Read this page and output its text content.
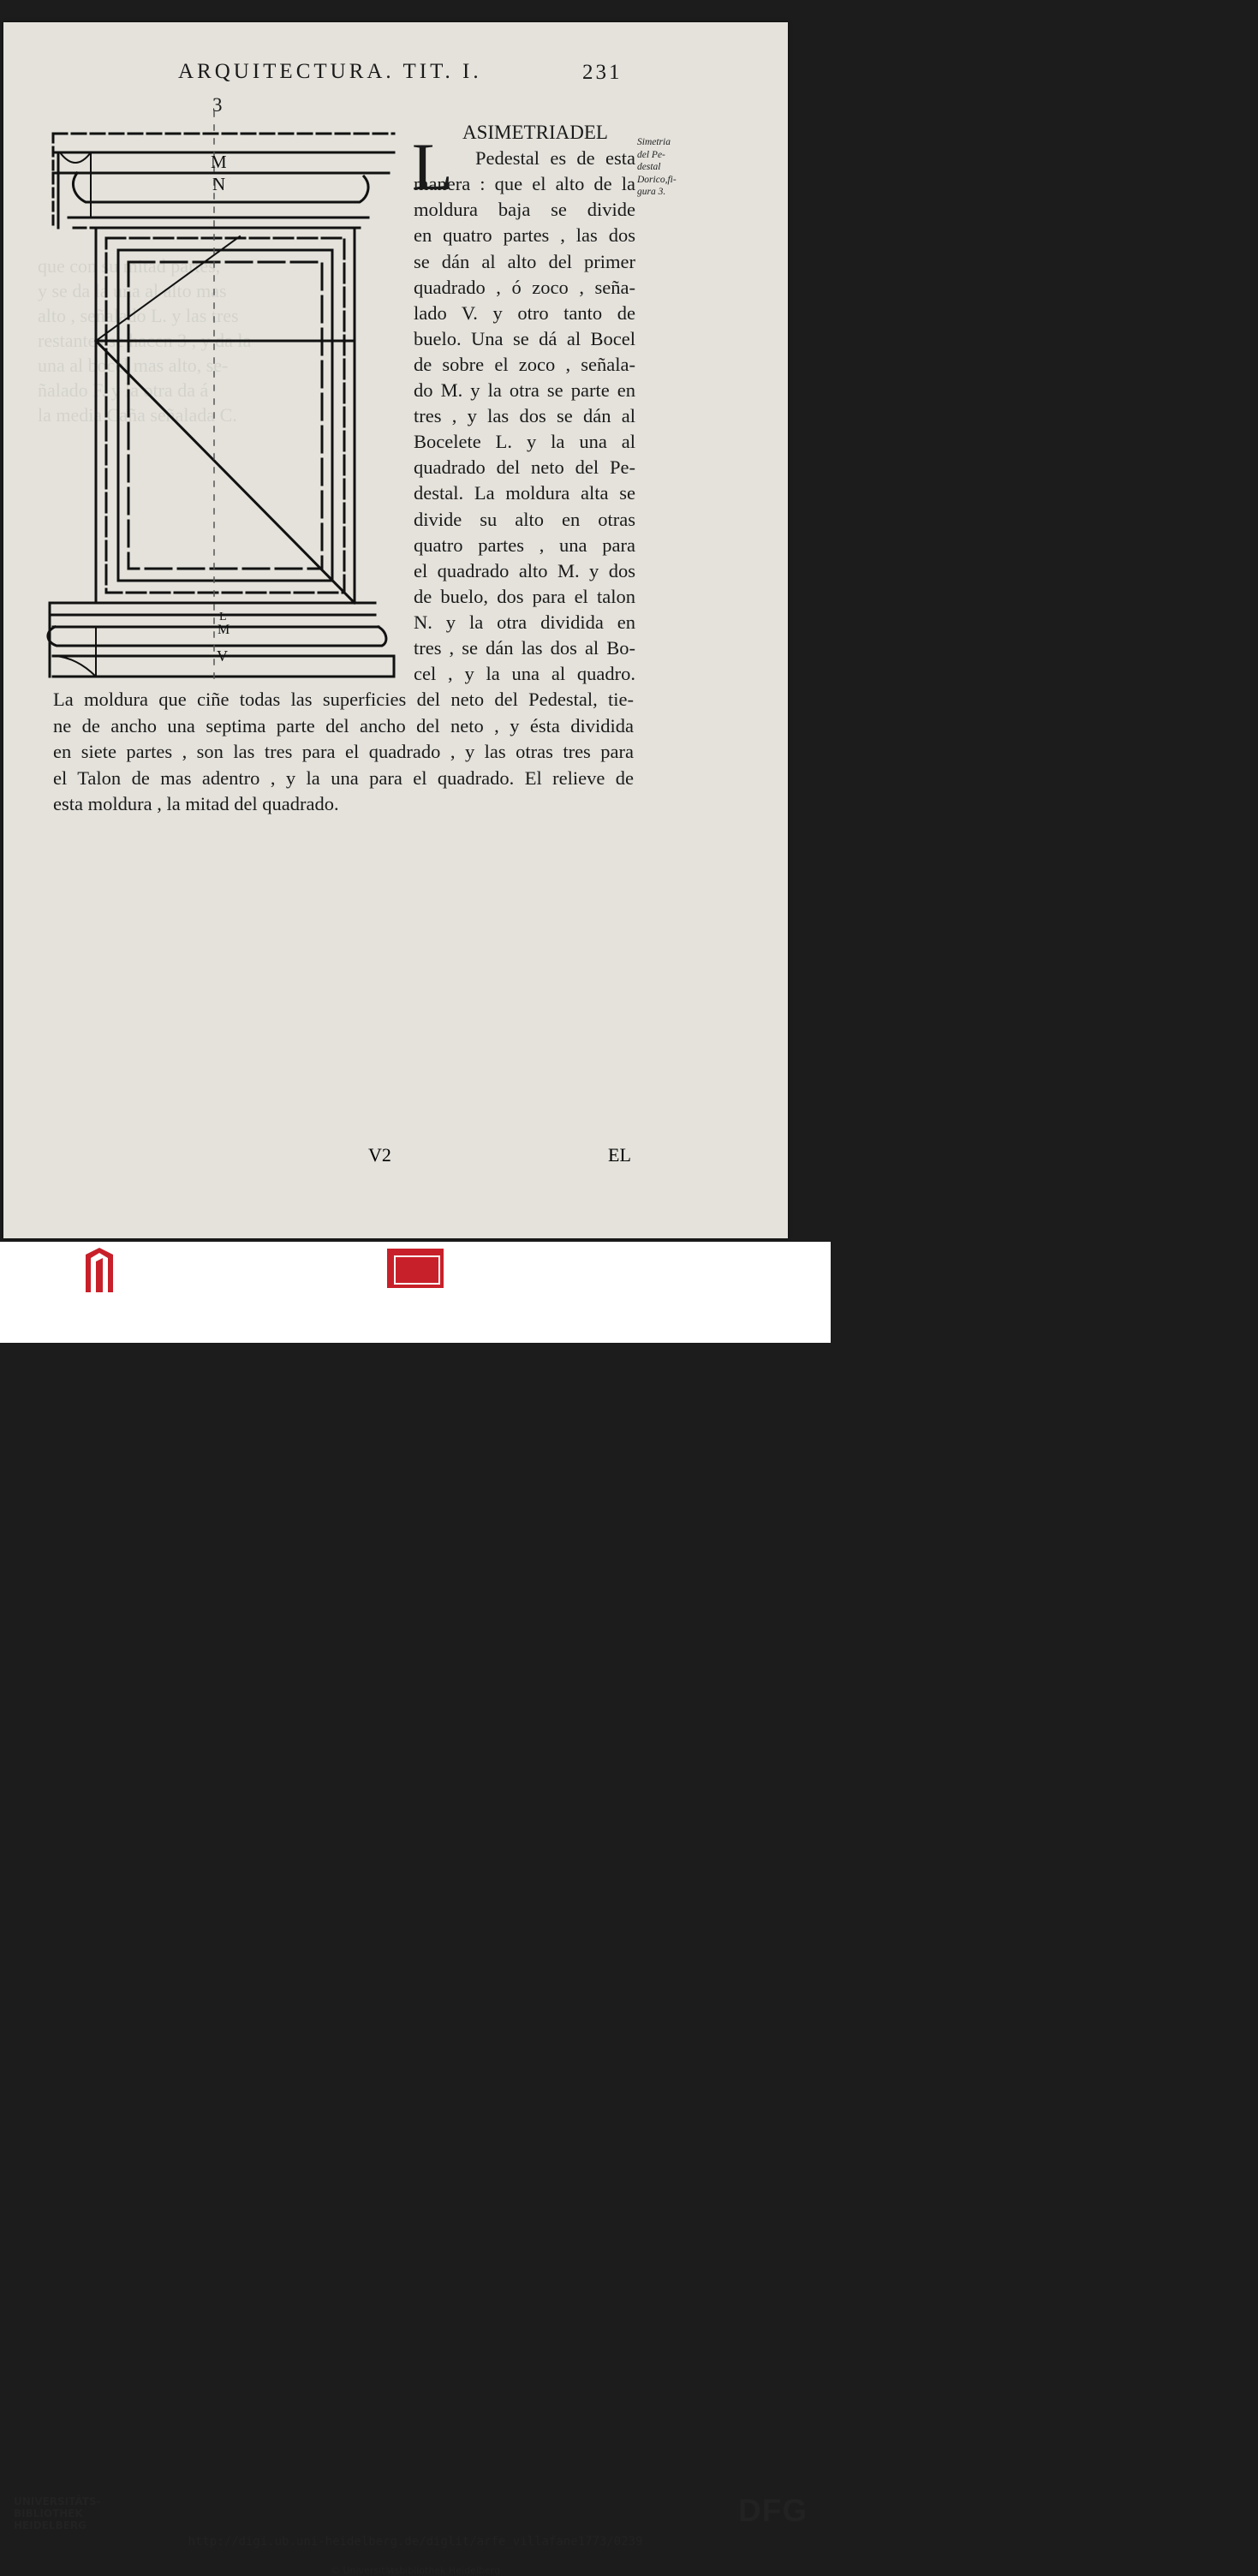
que con su mitad partes,
y se da la una al alto mas
alto , señalado L. y las tres
restantes se hacen 3 , y da la
una al bocel mas alto, se-
ñalado F. y la otra da á
la media Caña señalada C.
ARQUITECTURA. TIT. I.	231
3
M
N
L
M
V
L	Simetria
del Pe-
destal
Dorico,fi-
gura 3.
ASIMETRIADEL
Pedestal es de esta
manera : que el alto de la
moldura baja se divide
en quatro partes , las dos
se dán al alto del primer
quadrado , ó zoco , seña-
lado V. y otro tanto de
buelo. Una se dá al Bocel
de sobre el zoco , señala-
do M. y la otra se parte en
tres , y las dos se dán al
Bocelete L. y la una al
quadrado del neto del Pe-
destal. La moldura alta se
divide su alto en otras
quatro partes , una para
el quadrado alto M. y dos
de buelo, dos para el talon
N. y la otra dividida en
tres , se dán las dos al Bo-
cel , y la una al quadro.
La moldura que ciñe todas las superficies del neto del Pedestal, tie-
ne de ancho una septima parte del ancho del neto , y ésta dividida
en siete partes , son las tres para el quadrado , y las otras tres para
el Talon de mas adentro , y la una para el quadrado. El relieve de
esta moldura , la mitad del quadrado.
V2	EL
UNIVERSITÄTS-
BIBLIOTHEK
HEIDELBERG	DFG
http://digi.ub.uni-heidelberg.de/diglit/arfe_villafane1773/0239
© Universitätsbibliothek Heidelberg
